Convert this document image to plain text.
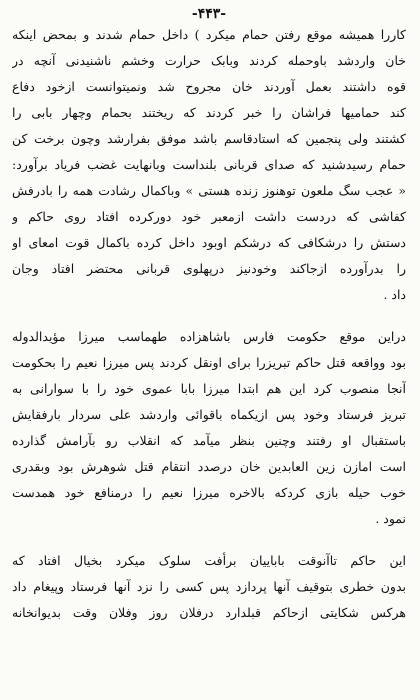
-۴۴۳-
کاررا همیشه موقع رفتن حمام میکرد ) داخل حمام شدند و بمحض اینکه
خان واردشد باوحمله کردند وبابک حرارت وخشم ناشنیدنی آنچه در
قوه داشتند بعمل آوردند خان مجروح شد ونمیتوانست ازخود دفاع
کند حمامیها فراشان را خبر کردند که ریختند بحمام وچهار بابی را
کشتند ولی پنجمین که استادقاسم باشد موفق بفرارشد وچون برخت کن
حمام رسیدشنید که صدای قربانی بلنداست وبانهایت غضب فریاد برآورد:
« عجب سگ ملعون توهنوز زنده هستی » وباکمال رشادت همه را بادرفش
کفاشی که دردست داشت ازمعبر خود دورکرده افتاد روی حاکم و
دستش را درشکافی که درشکم اوبود داخل کرده باکمال قوت امعای او
را بدرآورده ازجاکند وخودنیز درپهلوی قربانی محتضر افتاد وجان
داد .
دراین موقع حکومت فارس باشاهزاده طهماسب میرزا مؤیدالدوله
بود وواقعه قتل حاکم تبریزرا برای اونقل کردند پس میرزا نعیم را بحکومت
آنجا منصوب کرد این هم ابتدا میرزا بابا عموی خود را با سوارانی به
تبریز فرستاد وخود پس ازیکماه باقوائی واردشد علی سردار بارفقایش
باستقبال او رفتند وچنین بنظر میآمد که انقلاب رو بآرامش گذارده
است امازن زین العابدین خان درصدد انتقام قتل شوهرش بود وبقدری
خوب حیله بازی کردکه بالاخره میرزا نعیم را درمنافع خود همدست
نمود .
این حاکم تاآنوقت باباییان برأفت سلوک میکرد بخیال افتاد که
بدون خطری بتوقیف آنها پردازد پس کسی را نزد آنها فرستاد وپیغام داد
هرکس شکایتی ازحاکم قبلدارد درفلان روز وفلان وقت بدیوانخانه
